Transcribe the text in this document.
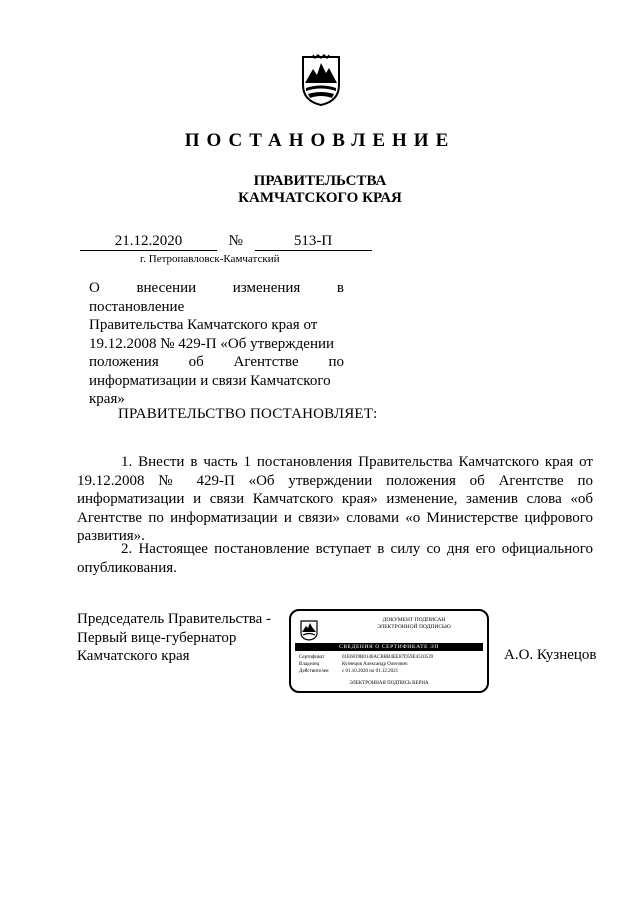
ПОСТАНОВЛЕНИЕ
ПРАВИТЕЛЬСТВА
КАМЧАТСКОГО КРАЯ
21.12.2020	№	513-П
г. Петропавловск-Камчатский

О внесении изменения в постановление

Правительства Камчатского края от

19.12.2008 № 429-П «Об утверждении

положения об Агентстве по

информатизации и связи Камчатского

края»

ПРАВИТЕЛЬСТВО ПОСТАНОВЛЯЕТ:

1. Внести в часть 1 постановления Правительства Камчатского края от 19.12.2008 № 429-П «Об утверждении положения об Агентстве по информатизации и связи Камчатского края» изменение, заменив слова «об Агентстве по информатизации и связи» словами «о Министерстве цифрового развития».

2. Настоящее постановление вступает в силу со дня его официального опубликования.

Председатель Правительства -
Первый вице-губернатор
Камчатского края	А.О. Кузнецов
ДОКУМЕНТ ПОДПИСАН
ЭЛЕКТРОННОЙ ПОДПИСЬЮ
СВЕДЕНИЯ О СЕРТИФИКАТЕ ЭП
Сертификат	01E6039B0146ACBBB4EE87D59E4510539
Владелец	Кузнецов Александр Олегович
Действителен	с 01.10.2020 по 01.12.2021
ЭЛЕКТРОННАЯ ПОДПИСЬ ВЕРНА
